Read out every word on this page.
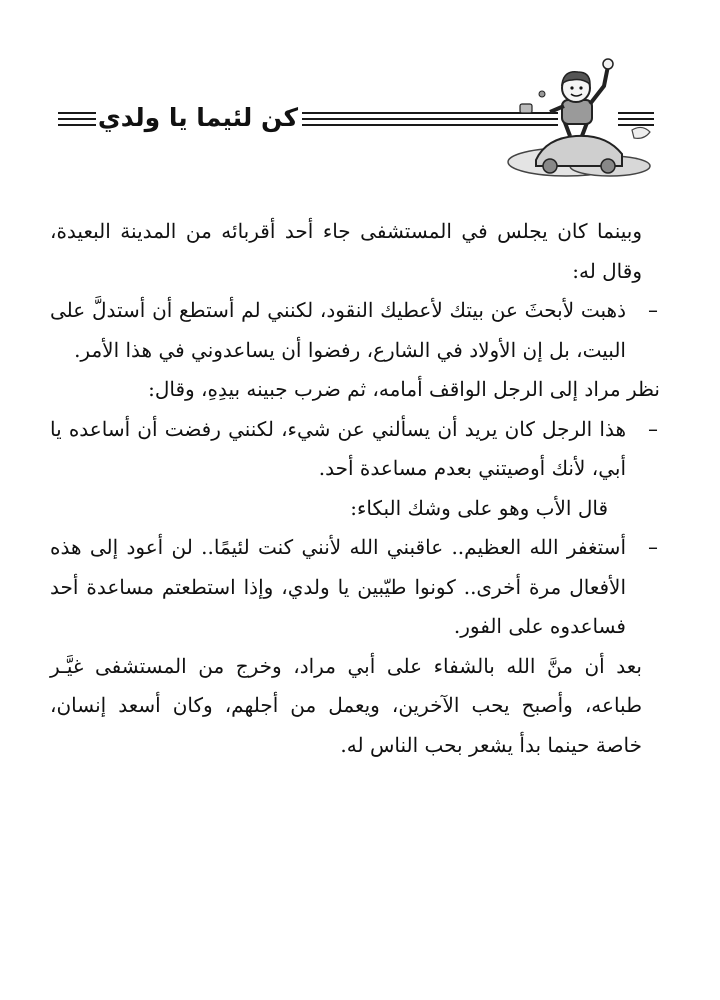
كن لئيما يا ولدي

وبينما كان يجلس في المستشفى جاء أحد أقربائه من المدينة البعيدة، وقال له:

–
ذهبت لأبحثَ عن بيتك لأعطيك النقود، لكنني لم أستطع أن أستدلَّ على البيت، بل إن الأولاد في الشارع، رفضوا أن يساعدوني في هذا الأمر.

نظر مراد إلى الرجل الواقف أمامه، ثم ضرب جبينه بيدِهِ، وقال:

–
هذا الرجل كان يريد أن يسألني عن شيء، لكنني رفضت أن أساعده يا أبي، لأنك أوصيتني بعدم مساعدة أحد.

قال الأب وهو على وشك البكاء:

–
أستغفر الله العظيم.. عاقبني الله لأنني كنت لئيمًا.. لن أعود إلى هذه الأفعال مرة أخرى.. كونوا طيّبين يا ولدي، وإذا استطعتم مساعدة أحد فساعدوه على الفور.

بعد أن منَّ الله بالشفاء على أبي مراد، وخرج من المستشفى غيَّـر طباعه، وأصبح يحب الآخرين، ويعمل من أجلهم، وكان أسعد إنسان، خاصة حينما بدأ يشعر بحب الناس له.
